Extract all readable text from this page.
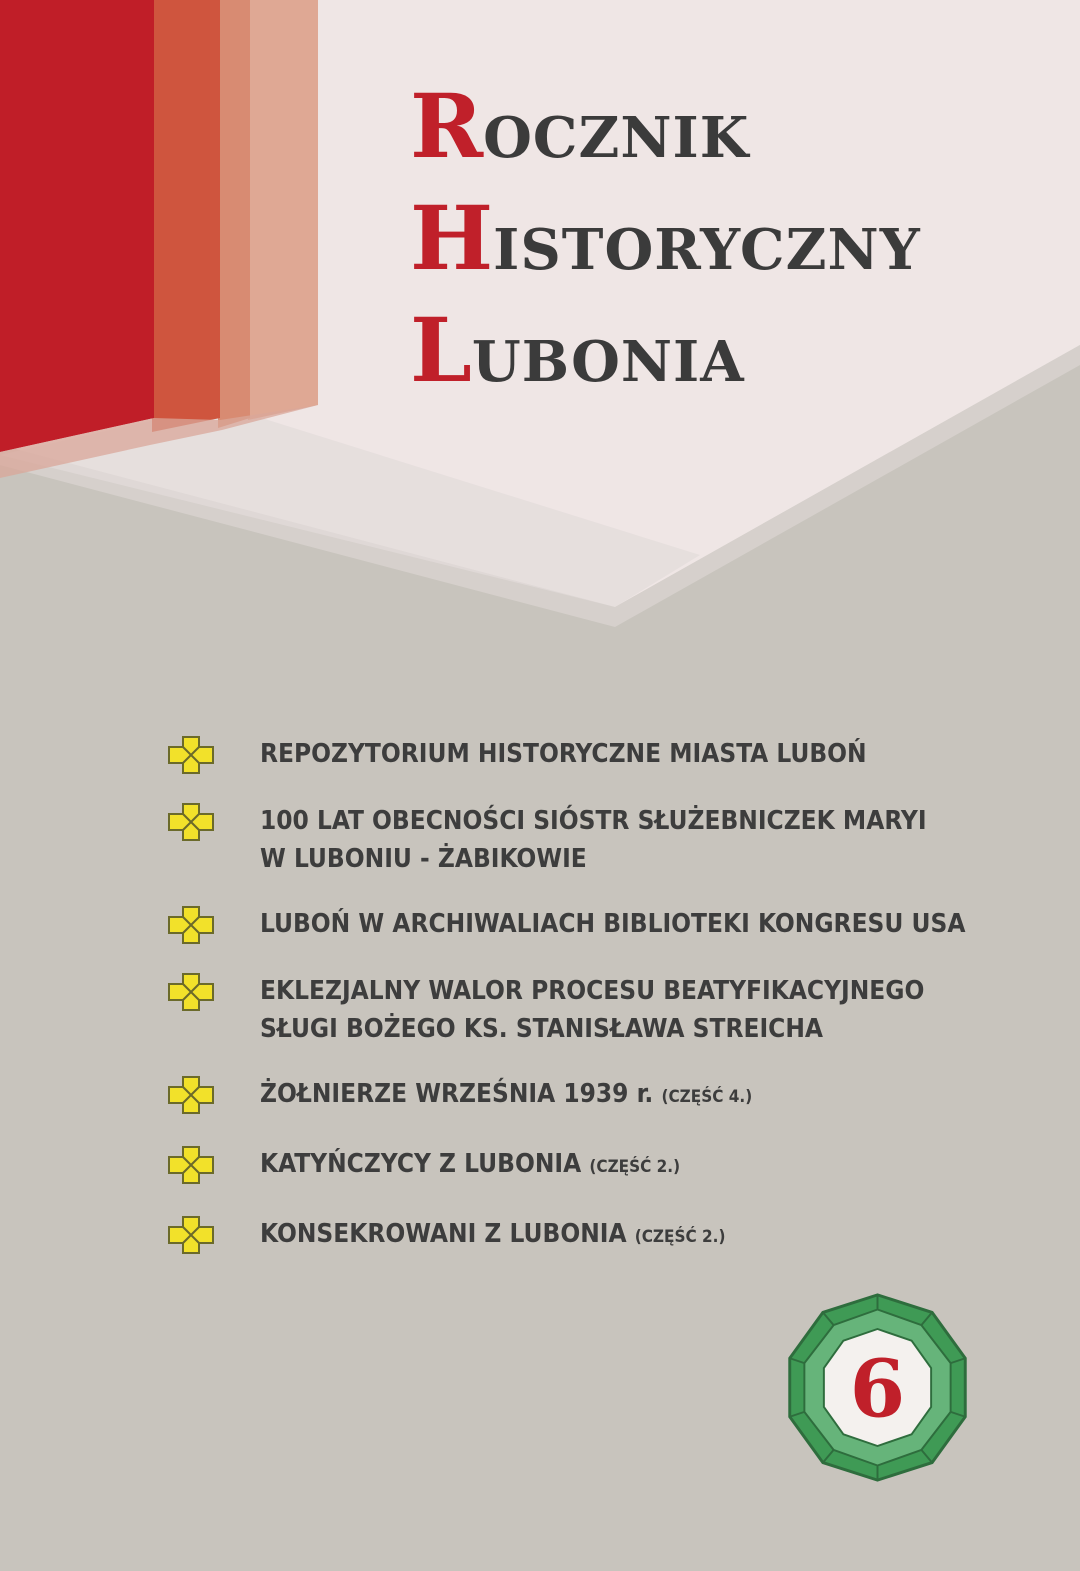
ROCZNIK
HISTORYCZNY
LUBONIA
REPOZYTORIUM HISTORYCZNE MIASTA LUBOŃ
100 LAT OBECNOŚCI SIÓSTR SŁUŻEBNICZEK MARYI
W LUBONIU - ŻABIKOWIE
LUBOŃ W ARCHIWALIACH BIBLIOTEKI KONGRESU USA
EKLEZJALNY WALOR PROCESU BEATYFIKACYJNEGO
SŁUGI BOŻEGO KS. STANISŁAWA STREICHA
ŻOŁNIERZE WRZEŚNIA 1939 r. (CZĘŚĆ 4.)
KATYŃCZYCY Z LUBONIA (CZĘŚĆ 2.)
KONSEKROWANI Z LUBONIA (CZĘŚĆ 2.)
6
